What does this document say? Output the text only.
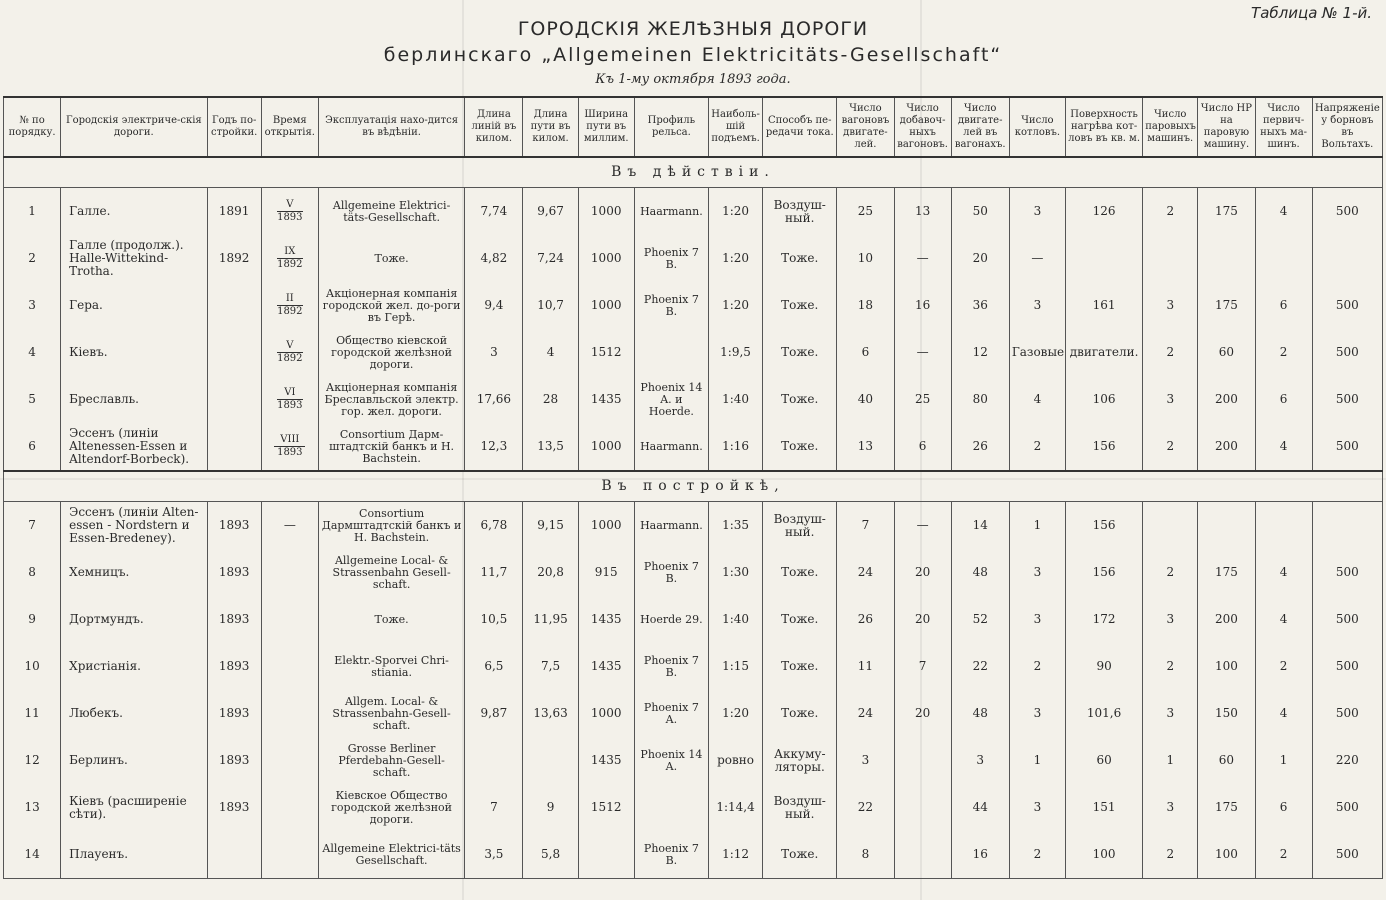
Таблица № 1-й.
ГОРОДСКІЯ ЖЕЛѢЗНЫЯ ДОРОГИ
берлинскаго „Allgemeinen Elektricitäts-Gesellschaft“
Къ 1-му октября 1893 года.
№ по порядку.	Городскія электриче-скія дороги.	Годъ по-стройки.	Время открытія.	Эксплуатація нахо-дится въ вѣдѣніи.	Длина линій въ килом.	Длина пути въ килом.	Ширина пути въ миллим.	Профиль рельса.	Наиболь-шій подъемъ.	Способъ пе-редачи тока.	Число вагоновъ двигате-лей.	Число добавоч-ныхъ вагоновъ.	Число двигате-лей въ вагонахъ.	Число котловъ.	Поверхность нагрѣва кот-ловъ въ кв. м.	Число паровыхъ машинъ.	Число HP на паровую машину.	Число первич-ныхъ ма-шинъ.	Напряженіе у борновъ въ Вольтахъ.
Въ дѣйствіи.																			
1	Галле.	1891	$\frac{V}{1893}$	Allgemeine Elektrici-täts-Gesellschaft.	7,74	9,67	1000	Haarmann.	1:20	Воздуш-ный.	25	13	50	3	126	2	175	4	500
2	Галле (продолж.). Halle-Wittekind-Trotha.	1892	$\frac{IX}{1892}$	Тоже.	4,82	7,24	1000	Phoenix 7 B.	1:20	Тоже.	10	—	20	—					
3	Гера.		$\frac{II}{1892}$	Акціонерная компанія городской жел. до-роги въ Герѣ.	9,4	10,7	1000	Phoenix 7 B.	1:20	Тоже.	18	16	36	3	161	3	175	6	500
4	Кіевъ.		$\frac{V}{1892}$	Общество кіевской городской желѣзной дороги.	3	4	1512		1:9,5	Тоже.	6	—	12	Газовые	двигатели.	2	60	2	500
5	Бреславль.		$\frac{VI}{1893}$	Акціонерная компанія Бреславльской электр. гор. жел. дороги.	17,66	28	1435	Phoenix 14 A. и Hoerde.	1:40	Тоже.	40	25	80	4	106	3	200	6	500
6	Эссенъ (линіи Altenessen-Essen и Altendorf-Borbeck).		$\frac{\text{VIII}}{1893}$	Consortium Дарм-штадтскій банкъ и Н. Bachstein.	12,3	13,5	1000	Haarmann.	1:16	Тоже.	13	6	26	2	156	2	200	4	500
Въ постройкѣ,																			
7	Эссенъ (линіи Alten-essen - Nordstern и Essen-Bredeney).	1893	—	Consortium Дармштадтскій банкъ и Н. Bachstein.	6,78	9,15	1000	Haarmann.	1:35	Воздуш-ный.	7	—	14	1	156				
8	Хемницъ.	1893		Allgemeine Local- & Strassenbahn Gesell-schaft.	11,7	20,8	915	Phoenix 7 B.	1:30	Тоже.	24	20	48	3	156	2	175	4	500
9	Дортмундъ.	1893		Тоже.	10,5	11,95	1435	Hoerde 29.	1:40	Тоже.	26	20	52	3	172	3	200	4	500
10	Христіанія.	1893		Elektr.-Sporvei Chri-stiania.	6,5	7,5	1435	Phoenix 7 B.	1:15	Тоже.	11	7	22	2	90	2	100	2	500
11	Любекъ.	1893		Allgem. Local- & Strassenbahn-Gesell-schaft.	9,87	13,63	1000	Phoenix 7 A.	1:20	Тоже.	24	20	48	3	101,6	3	150	4	500
12	Берлинъ.	1893		Grosse Berliner Pferdebahn-Gesell-schaft.			1435	Phoenix 14 A.	ровно	Аккуму-ляторы.	3		3	1	60	1	60	1	220
13	Кіевъ (расширеніе сѣти).	1893		Кіевское Общество городской желѣзной дороги.	7	9	1512		1:14,4	Воздуш-ный.	22		44	3	151	3	175	6	500
14	Плауенъ.			Allgemeine Elektrici-täts Gesellschaft.	3,5	5,8		Phoenix 7 B.	1:12	Тоже.	8		16	2	100	2	100	2	500
